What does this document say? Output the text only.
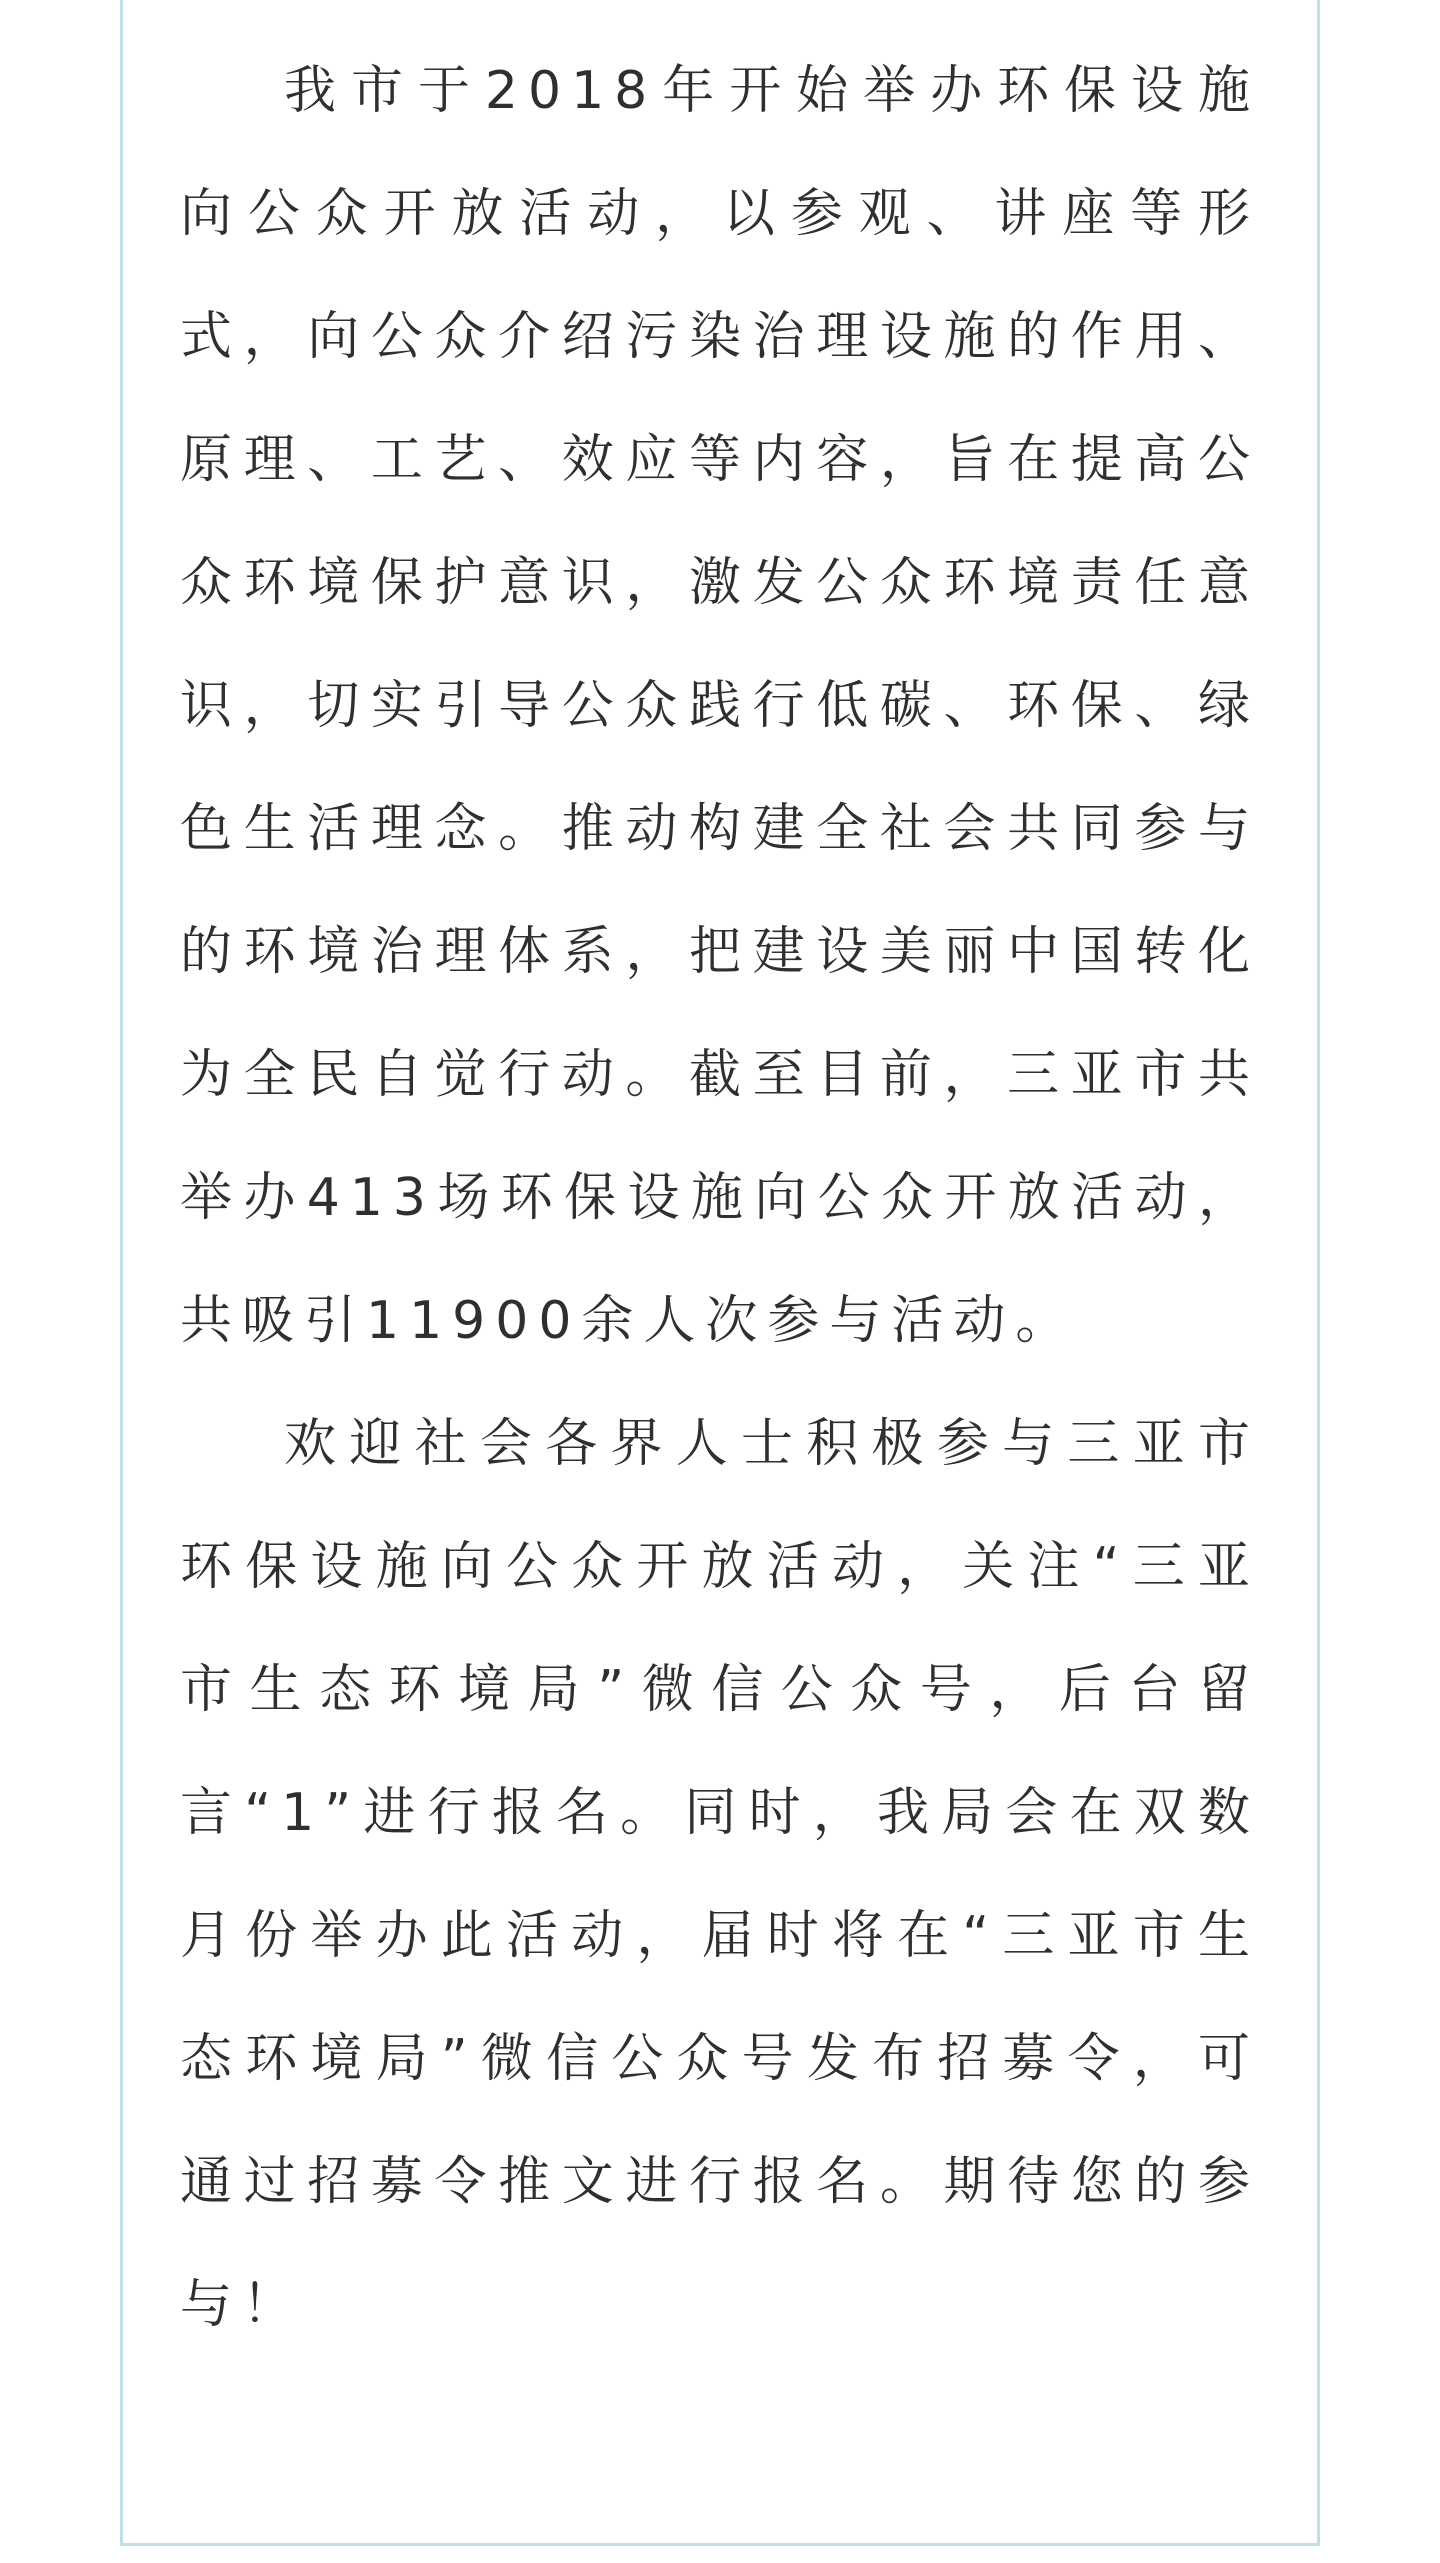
我市于2018年开始举办环保设施向公众开放活动，以参观、讲座等形式，向公众介绍污染治理设施的作用、原理、工艺、效应等内容，旨在提高公众环境保护意识，激发公众环境责任意识，切实引导公众践行低碳、环保、绿色生活理念。推动构建全社会共同参与的环境治理体系，把建设美丽中国转化为全民自觉行动。截至目前，三亚市共举办413场环保设施向公众开放活动，共吸引11900余人次参与活动。

欢迎社会各界人士积极参与三亚市环保设施向公众开放活动，关注“三亚市生态环境局”微信公众号，后台留言“1”进行报名。同时，我局会在双数月份举办此活动，届时将在“三亚市生态环境局”微信公众号发布招募令，可通过招募令推文进行报名。期待您的参与！
